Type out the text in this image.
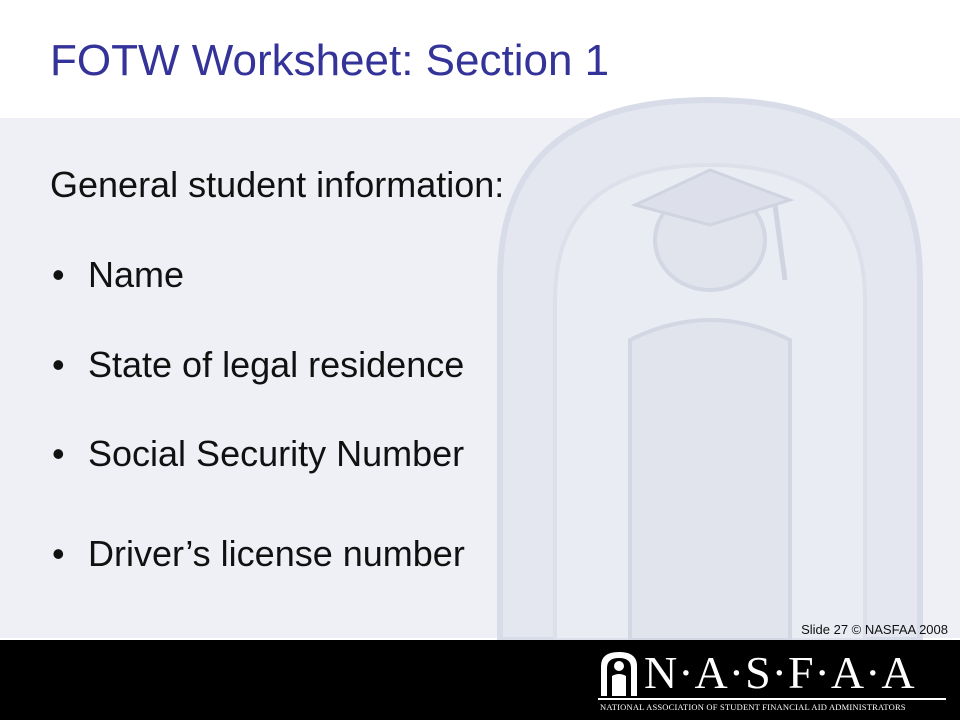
FOTW Worksheet: Section 1

General student information:

• Name
• State of legal residence
• Social Security Number
• Driver’s license number
Slide 27 © NASFAA 2008
N·A·S·F·A·A
NATIONAL ASSOCIATION OF STUDENT FINANCIAL AID ADMINISTRATORS
